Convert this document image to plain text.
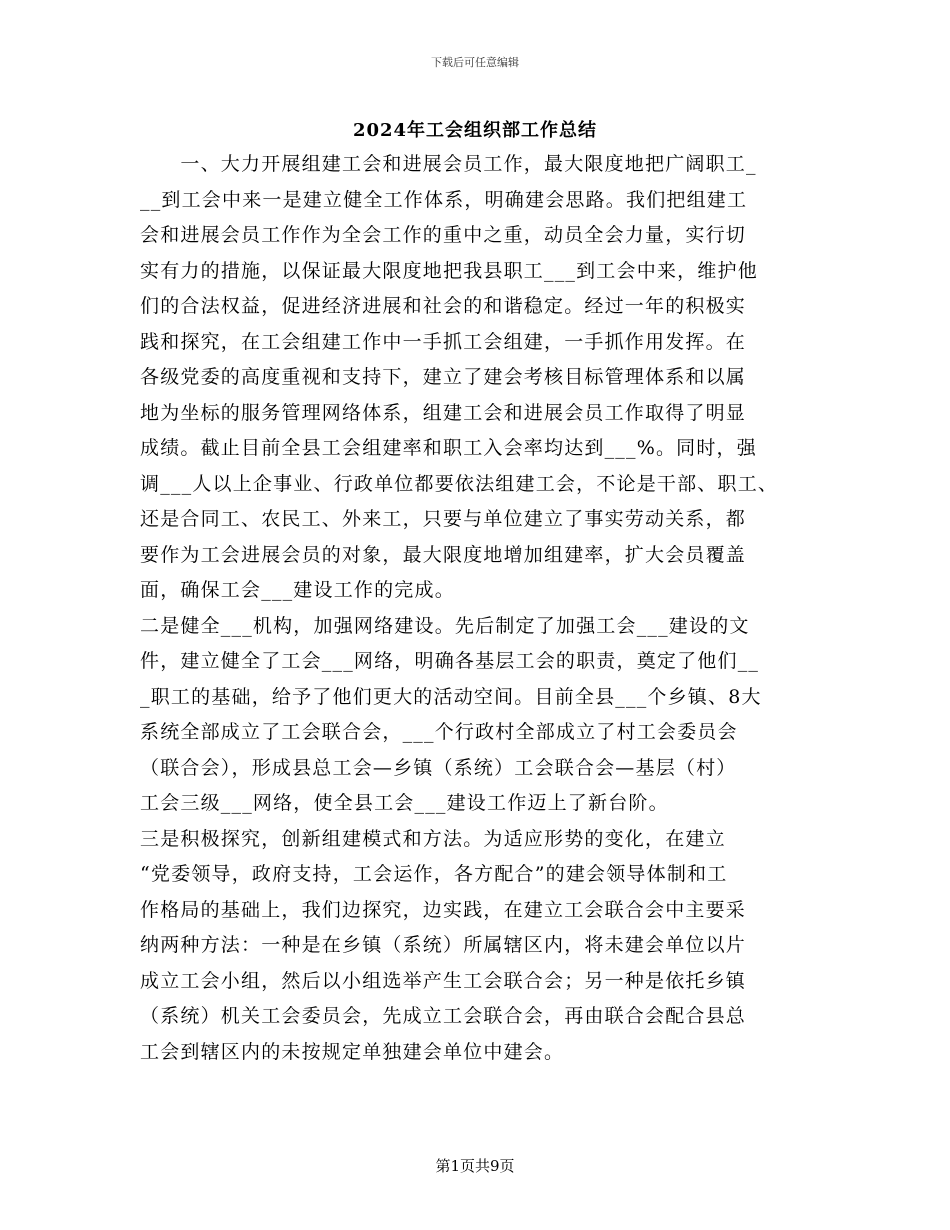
下载后可任意编辑
2024年工会组织部工作总结
　　一、大力开展组建工会和进展会员工作，最大限度地把广阔职工_
__到工会中来一是建立健全工作体系，明确建会思路。我们把组建工
会和进展会员工作作为全会工作的重中之重，动员全会力量，实行切
实有力的措施，以保证最大限度地把我县职工___到工会中来，维护他
们的合法权益，促进经济进展和社会的和谐稳定。经过一年的积极实
践和探究，在工会组建工作中一手抓工会组建，一手抓作用发挥。在
各级党委的高度重视和支持下，建立了建会考核目标管理体系和以属
地为坐标的服务管理网络体系，组建工会和进展会员工作取得了明显
成绩。截止目前全县工会组建率和职工入会率均达到___%。同时，强
调___人以上企事业、行政单位都要依法组建工会，不论是干部、职工、
还是合同工、农民工、外来工，只要与单位建立了事实劳动关系，都
要作为工会进展会员的对象，最大限度地增加组建率，扩大会员覆盖
面，确保工会___建设工作的完成。
二是健全___机构，加强网络建设。先后制定了加强工会___建设的文
件，建立健全了工会___网络，明确各基层工会的职责，奠定了他们__
_职工的基础，给予了他们更大的活动空间。目前全县___个乡镇、8大
系统全部成立了工会联合会，___个行政村全部成立了村工会委员会
（联合会），形成县总工会—乡镇（系统）工会联合会—基层（村）
工会三级___网络，使全县工会___建设工作迈上了新台阶。
三是积极探究，创新组建模式和方法。为适应形势的变化，在建立
“党委领导，政府支持，工会运作，各方配合”的建会领导体制和工
作格局的基础上，我们边探究，边实践，在建立工会联合会中主要采
纳两种方法：一种是在乡镇（系统）所属辖区内，将未建会单位以片
成立工会小组，然后以小组选举产生工会联合会；另一种是依托乡镇
（系统）机关工会委员会，先成立工会联合会，再由联合会配合县总
工会到辖区内的未按规定单独建会单位中建会。
第1页共9页
